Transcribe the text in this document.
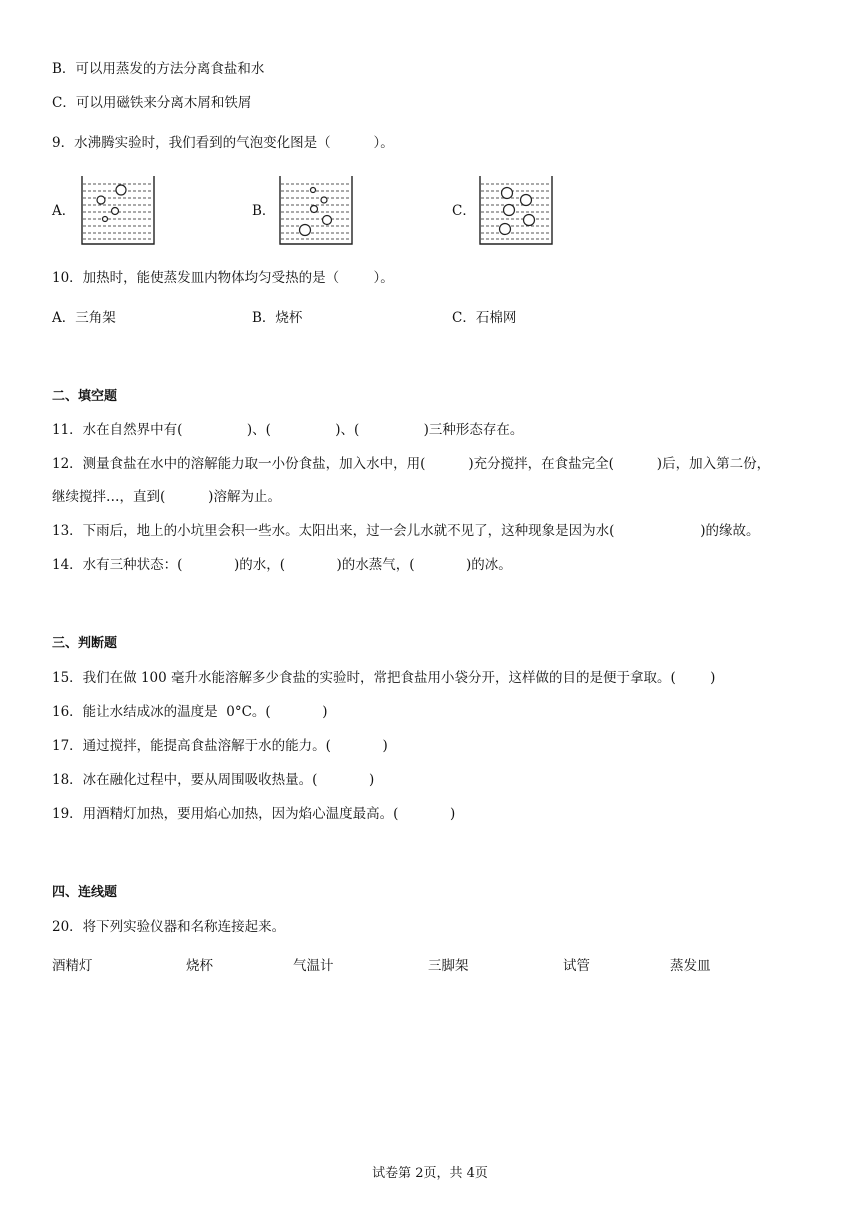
B．可以用蒸发的方法分离食盐和水
C．可以用磁铁来分离木屑和铁屑
9．水沸腾实验时，我们看到的气泡变化图是（          ）。
A．	B．	C．
10．加热时，能使蒸发皿内物体均匀受热的是（        ）。
A．三角架	B．烧杯	C．石棉网
二、填空题
11．水在自然界中有(               )、(               )、(               )三种形态存在。
12．测量食盐在水中的溶解能力取一小份食盐，加入水中，用(          )充分搅拌，在食盐完全(          )后，加入第二份，
继续搅拌…，直到(          )溶解为止。
13．下雨后，地上的小坑里会积一些水。太阳出来，过一会儿水就不见了，这种现象是因为水(                    )的缘故。
14．水有三种状态：(            )的水，(            )的水蒸气，(            )的冰。
三、判断题
15．我们在做 100 毫升水能溶解多少食盐的实验时，常把食盐用小袋分开，这样做的目的是便于拿取。(        )
16．能让水结成冰的温度是  0°C。(            )
17．通过搅拌，能提高食盐溶解于水的能力。(            )
18．冰在融化过程中，要从周围吸收热量。(            )
19．用酒精灯加热，要用焰心加热，因为焰心温度最高。(            )
四、连线题
20．将下列实验仪器和名称连接起来。
酒精灯	烧杯	气温计	三脚架	试管	蒸发皿
试卷第 2页，共 4页
